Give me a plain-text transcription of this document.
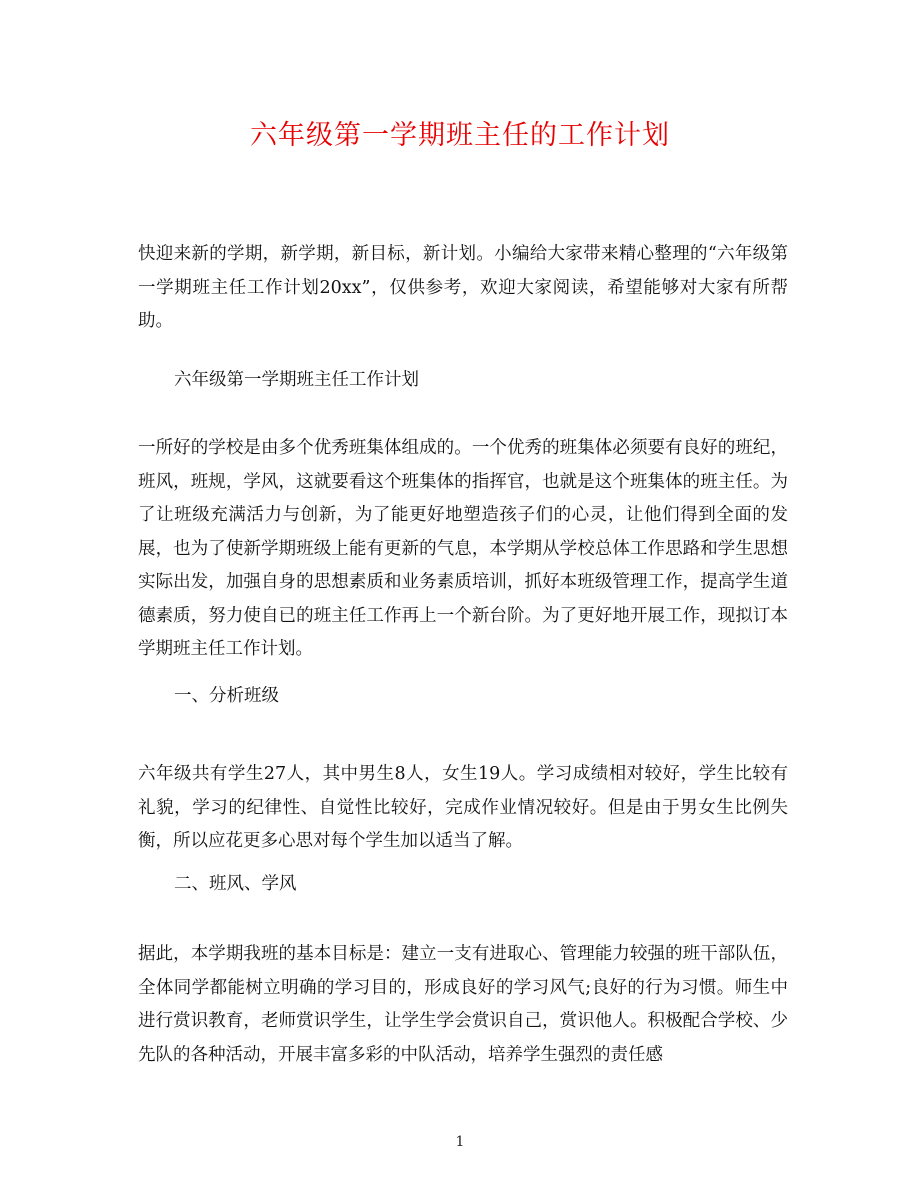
六年级第一学期班主任的工作计划

快迎来新的学期，新学期，新目标，新计划。小编给大家带来精心整理的“六年级第一学期班主任工作计划20xx”，仅供参考，欢迎大家阅读，希望能够对大家有所帮助。

六年级第一学期班主任工作计划

一所好的学校是由多个优秀班集体组成的。一个优秀的班集体必须要有良好的班纪，班风，班规，学风，这就要看这个班集体的指挥官，也就是这个班集体的班主任。为了让班级充满活力与创新，为了能更好地塑造孩子们的心灵，让他们得到全面的发展，也为了使新学期班级上能有更新的气息，本学期从学校总体工作思路和学生思想实际出发，加强自身的思想素质和业务素质培训，抓好本班级管理工作，提高学生道德素质，努力使自已的班主任工作再上一个新台阶。为了更好地开展工作，现拟订本学期班主任工作计划。

一、分析班级

六年级共有学生27人，其中男生8人，女生19人。学习成绩相对较好，学生比较有礼貌，学习的纪律性、自觉性比较好，完成作业情况较好。但是由于男女生比例失衡，所以应花更多心思对每个学生加以适当了解。

二、班风、学风

据此，本学期我班的基本目标是：建立一支有进取心、管理能力较强的班干部队伍，全体同学都能树立明确的学习目的，形成良好的学习风气;良好的行为习惯。师生中进行赏识教育，老师赏识学生，让学生学会赏识自己，赏识他人。积极配合学校、少先队的各种活动，开展丰富多彩的中队活动，培养学生强烈的责任感

1
